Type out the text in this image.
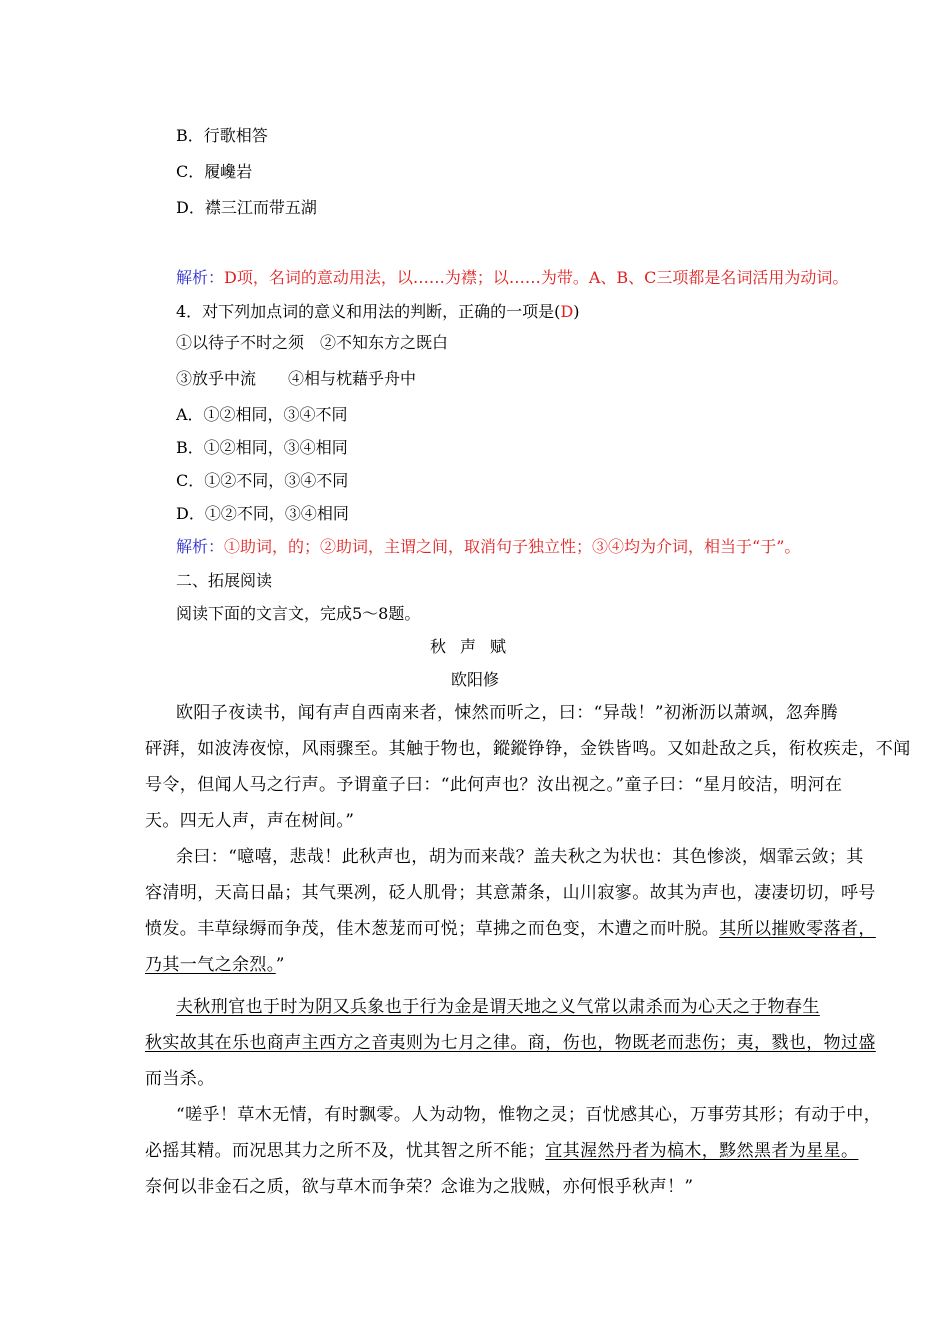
B．行歌相答
C．履巉岩
D．襟三江而带五湖
解析：D项，名词的意动用法，以……为襟；以……为带。A、B、C三项都是名词活用为动词。
4．对下列加点词的意义和用法的判断，正确的一项是(D)
①以待子不时之须　②不知东方之既白
③放乎中流　　④相与枕藉乎舟中
A．①②相同，③④不同
B．①②相同，③④相同
C．①②不同，③④不同
D．①②不同，③④相同
解析：①助词，的；②助词，主谓之间，取消句子独立性；③④均为介词，相当于“于”。
二、拓展阅读
阅读下面的文言文，完成5～8题。
秋声赋
欧阳修
欧阳子夜读书，闻有声自西南来者，悚然而听之，曰：“异哉！”初淅沥以萧飒，忽奔腾
砰湃，如波涛夜惊，风雨骤至。其触于物也，鏦鏦铮铮，金铁皆鸣。又如赴敌之兵，衔枚疾走，不闻
号令，但闻人马之行声。予谓童子曰：“此何声也？汝出视之。”童子曰：“星月皎洁，明河在
天。四无人声，声在树间。”
余曰：“噫嘻，悲哉！此秋声也，胡为而来哉？盖夫秋之为状也：其色惨淡，烟霏云敛；其
容清明，天高日晶；其气栗冽，砭人肌骨；其意萧条，山川寂寥。故其为声也，凄凄切切，呼号
愤发。丰草绿缛而争茂，佳木葱茏而可悦；草拂之而色变，木遭之而叶脱。其所以摧败零落者，
乃其一气之余烈。”
夫秋刑官也于时为阴又兵象也于行为金是谓天地之义气常以肃杀而为心天之于物春生
秋实故其在乐也商声主西方之音夷则为七月之律。商，伤也，物既老而悲伤；夷，戮也，物过盛
而当杀。
“嗟乎！草木无情，有时飘零。人为动物，惟物之灵；百忧感其心，万事劳其形；有动于中，
必摇其精。而况思其力之所不及，忧其智之所不能；宜其渥然丹者为槁木，黟然黑者为星星。
奈何以非金石之质，欲与草木而争荣？念谁为之戕贼，亦何恨乎秋声！”
